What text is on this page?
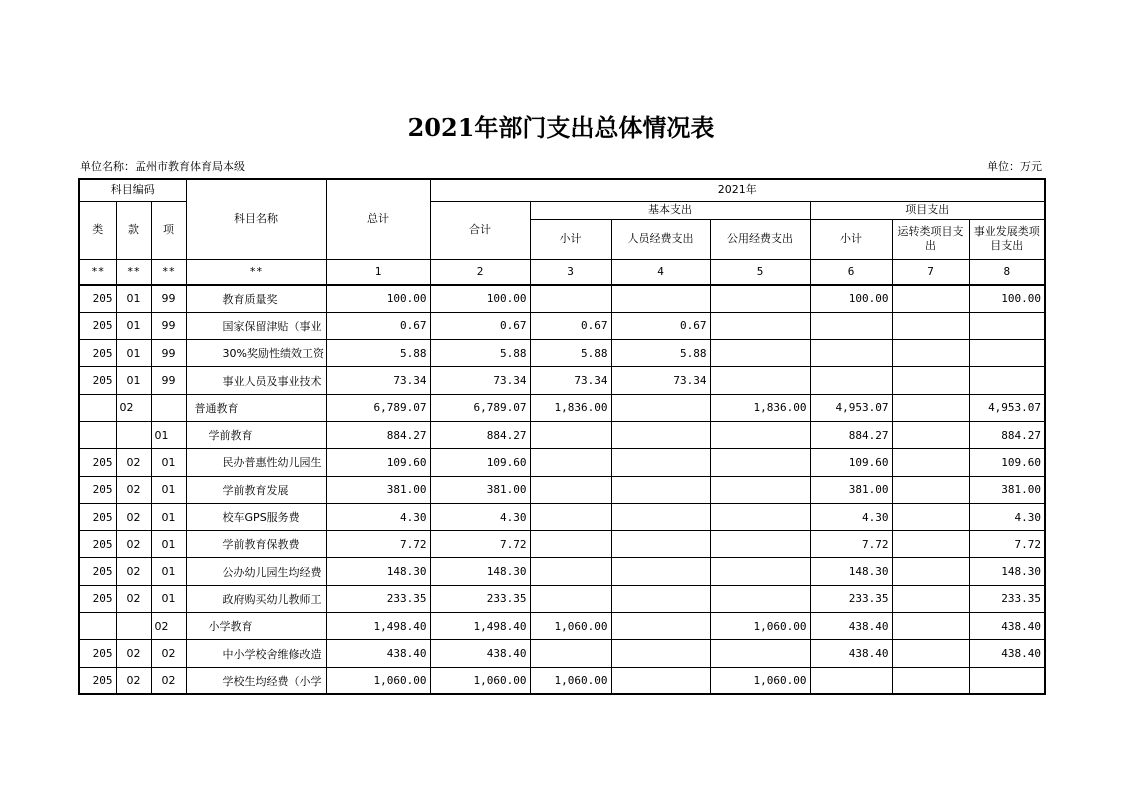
2021年部门支出总体情况表
单位名称：孟州市教育体育局本级	单位：万元
科目编码			科目名称	总计	2021年						
类	款	项			合计	基本支出			项目支出		
						小计	人员经费支出	公用经费支出	小计	运转类项目支出	事业发展类项目支出
**	**	**	**	1	2	3	4	5	6	7	8
205	01	99	教育质量奖	100.00	100.00				100.00		100.00
205	01	99	国家保留津贴（事业	0.67	0.67	0.67	0.67				
205	01	99	30%奖励性绩效工资	5.88	5.88	5.88	5.88				
205	01	99	事业人员及事业技术	73.34	73.34	73.34	73.34				
	02		普通教育	6,789.07	6,789.07	1,836.00		1,836.00	4,953.07		4,953.07
		01	学前教育	884.27	884.27				884.27		884.27
205	02	01	民办普惠性幼儿园生	109.60	109.60				109.60		109.60
205	02	01	学前教育发展	381.00	381.00				381.00		381.00
205	02	01	校车GPS服务费	4.30	4.30				4.30		4.30
205	02	01	学前教育保教费	7.72	7.72				7.72		7.72
205	02	01	公办幼儿园生均经费	148.30	148.30				148.30		148.30
205	02	01	政府购买幼儿教师工	233.35	233.35				233.35		233.35
		02	小学教育	1,498.40	1,498.40	1,060.00		1,060.00	438.40		438.40
205	02	02	中小学校舍维修改造	438.40	438.40				438.40		438.40
205	02	02	学校生均经费（小学	1,060.00	1,060.00	1,060.00		1,060.00			
